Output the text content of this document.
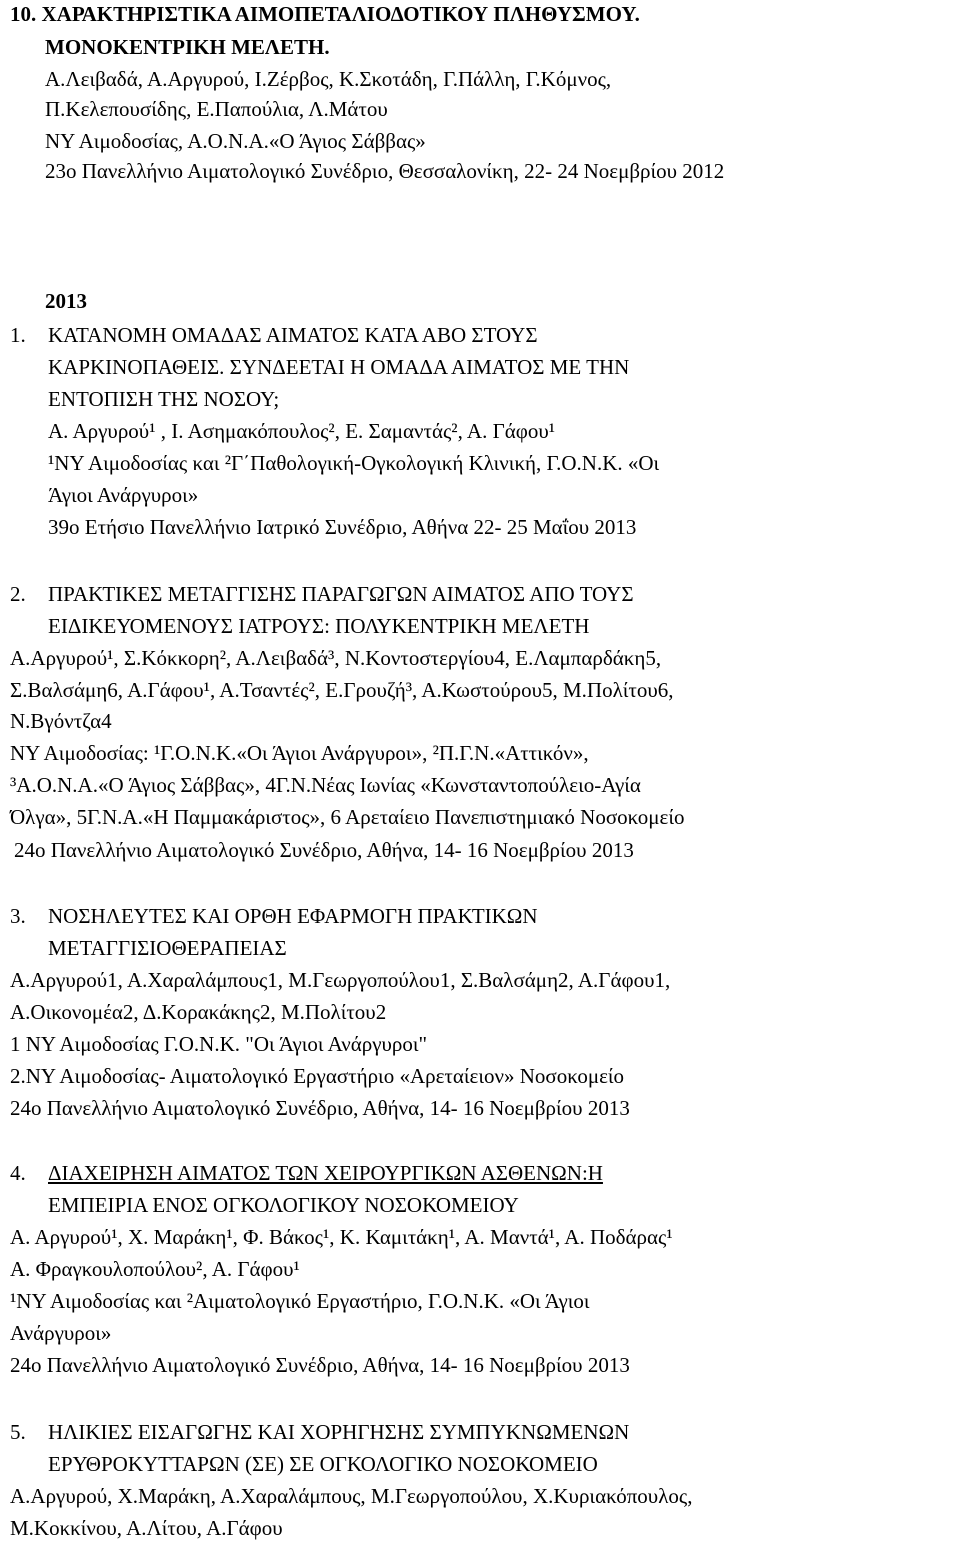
10. ΧΑΡΑΚΤΗΡΙΣΤΙΚΑ ΑΙΜΟΠΕΤΑΛΙΟΔΟΤΙΚΟΥ ΠΛΗΘΥΣΜΟΥ.
ΜΟΝΟΚΕΝΤΡΙΚΗ ΜΕΛΕΤΗ.
Α.Λειβαδά, Α.Αργυρού, Ι.Ζέρβος, Κ.Σκοτάδη, Γ.Πάλλη, Γ.Κόμνος,
Π.Κελεπουσίδης, Ε.Παπούλια, Λ.Μάτου
ΝΥ Αιμοδοσίας, Α.Ο.Ν.Α.«Ο Άγιος Σάββας»
23ο Πανελλήνιο Αιματολογικό Συνέδριο, Θεσσαλονίκη, 22- 24 Νοεμβρίου 2012
2013
1. ΚΑΤΑΝΟΜΗ ΟΜΑΔΑΣ ΑΙΜΑΤΟΣ ΚΑΤΑ ΑΒΟ ΣΤΟΥΣ
ΚΑΡΚΙΝΟΠΑΘΕΙΣ. ΣΥΝΔΕΕΤΑΙ Η ΟΜΑΔΑ ΑΙΜΑΤΟΣ ΜΕ ΤΗΝ
ΕΝΤΟΠΙΣΗ ΤΗΣ ΝΟΣΟΥ;
Α. Αργυρού¹ , Ι. Ασημακόπουλος², Ε. Σαμαντάς², Α. Γάφου¹
¹ΝΥ Αιμοδοσίας και ²Γ΄Παθολογική-Ογκολογική Κλινική, Γ.Ο.Ν.Κ. «Οι
Άγιοι Ανάργυροι»
39ο Ετήσιο Πανελλήνιο Ιατρικό Συνέδριο, Αθήνα 22- 25 Μαΐου 2013
2. ΠΡΑΚΤΙΚΕΣ ΜΕΤΑΓΓΙΣΗΣ ΠΑΡΑΓΩΓΩΝ ΑΙΜΑΤΟΣ ΑΠΟ ΤΟΥΣ
ΕΙΔΙΚΕΥΟΜΕΝΟΥΣ ΙΑΤΡΟΥΣ: ΠΟΛΥΚΕΝΤΡΙΚΗ ΜΕΛΕΤΗ
Α.Αργυρού¹, Σ.Κόκκορη², Α.Λειβαδά³, Ν.Κοντοστεργίου4, Ε.Λαμπαρδάκη5,
Σ.Βαλσάμη6, Α.Γάφου¹, Α.Τσαντές², Ε.Γρουζή³, Α.Κωστούρου5, Μ.Πολίτου6,
Ν.Βγόντζα4
ΝΥ Αιμοδοσίας: ¹Γ.Ο.Ν.Κ.«Οι Άγιοι Ανάργυροι», ²Π.Γ.Ν.«Αττικόν»,
³Α.Ο.Ν.Α.«Ο Άγιος Σάββας», 4Γ.Ν.Νέας Ιωνίας «Κωνσταντοπούλειο-Αγία
Όλγα», 5Γ.Ν.Α.«Η Παμμακάριστος», 6 Αρεταίειο Πανεπιστημιακό Νοσοκομείο
24ο Πανελλήνιο Αιματολογικό Συνέδριο, Αθήνα, 14- 16 Νοεμβρίου 2013
3. ΝΟΣΗΛΕΥΤΕΣ ΚΑΙ ΟΡΘΗ ΕΦΑΡΜΟΓΗ ΠΡΑΚΤΙΚΩΝ
ΜΕΤΑΓΓΙΣΙΟΘΕΡΑΠΕΙΑΣ
Α.Αργυρού1, Α.Χαραλάμπους1, Μ.Γεωργοπούλου1, Σ.Βαλσάμη2, Α.Γάφου1,
Α.Οικονομέα2, Δ.Κορακάκης2, Μ.Πολίτου2
1 ΝΥ Αιμοδοσίας Γ.Ο.Ν.Κ. "Οι Άγιοι Ανάργυροι"
2.ΝΥ Αιμοδοσίας- Αιματολογικό Εργαστήριο «Αρεταίειον» Νοσοκομείο
24ο Πανελλήνιο Αιματολογικό Συνέδριο, Αθήνα, 14- 16 Νοεμβρίου 2013
4. ΔΙΑΧΕΙΡΗΣΗ ΑΙΜΑΤΟΣ ΤΩΝ ΧΕΙΡΟΥΡΓΙΚΩΝ ΑΣΘΕΝΩΝ:Η
ΕΜΠΕΙΡΙΑ ΕΝΟΣ ΟΓΚΟΛΟΓΙΚΟΥ ΝΟΣΟΚΟΜΕΙΟΥ
Α. Αργυρού¹, Χ. Μαράκη¹, Φ. Βάκος¹, Κ. Καμιτάκη¹, Α. Μαντά¹, Α. Ποδάρας¹
Α. Φραγκουλοπούλου², Α. Γάφου¹
¹ΝΥ Αιμοδοσίας και ²Αιματολογικό Εργαστήριο, Γ.Ο.Ν.Κ. «Οι Άγιοι
Ανάργυροι»
24ο Πανελλήνιο Αιματολογικό Συνέδριο, Αθήνα, 14- 16 Νοεμβρίου 2013
5. ΗΛΙΚΙΕΣ ΕΙΣΑΓΩΓΗΣ ΚΑΙ ΧΟΡΗΓΗΣΗΣ ΣΥΜΠΥΚΝΩΜΕΝΩΝ
ΕΡΥΘΡΟΚΥΤΤΑΡΩΝ (ΣΕ) ΣΕ ΟΓΚΟΛΟΓΙΚΟ ΝΟΣΟΚΟΜΕΙΟ
Α.Αργυρού, Χ.Μαράκη, Α.Χαραλάμπους, Μ.Γεωργοπούλου, Χ.Κυριακόπουλος,
Μ.Κοκκίνου, Α.Λίτου, Α.Γάφου
